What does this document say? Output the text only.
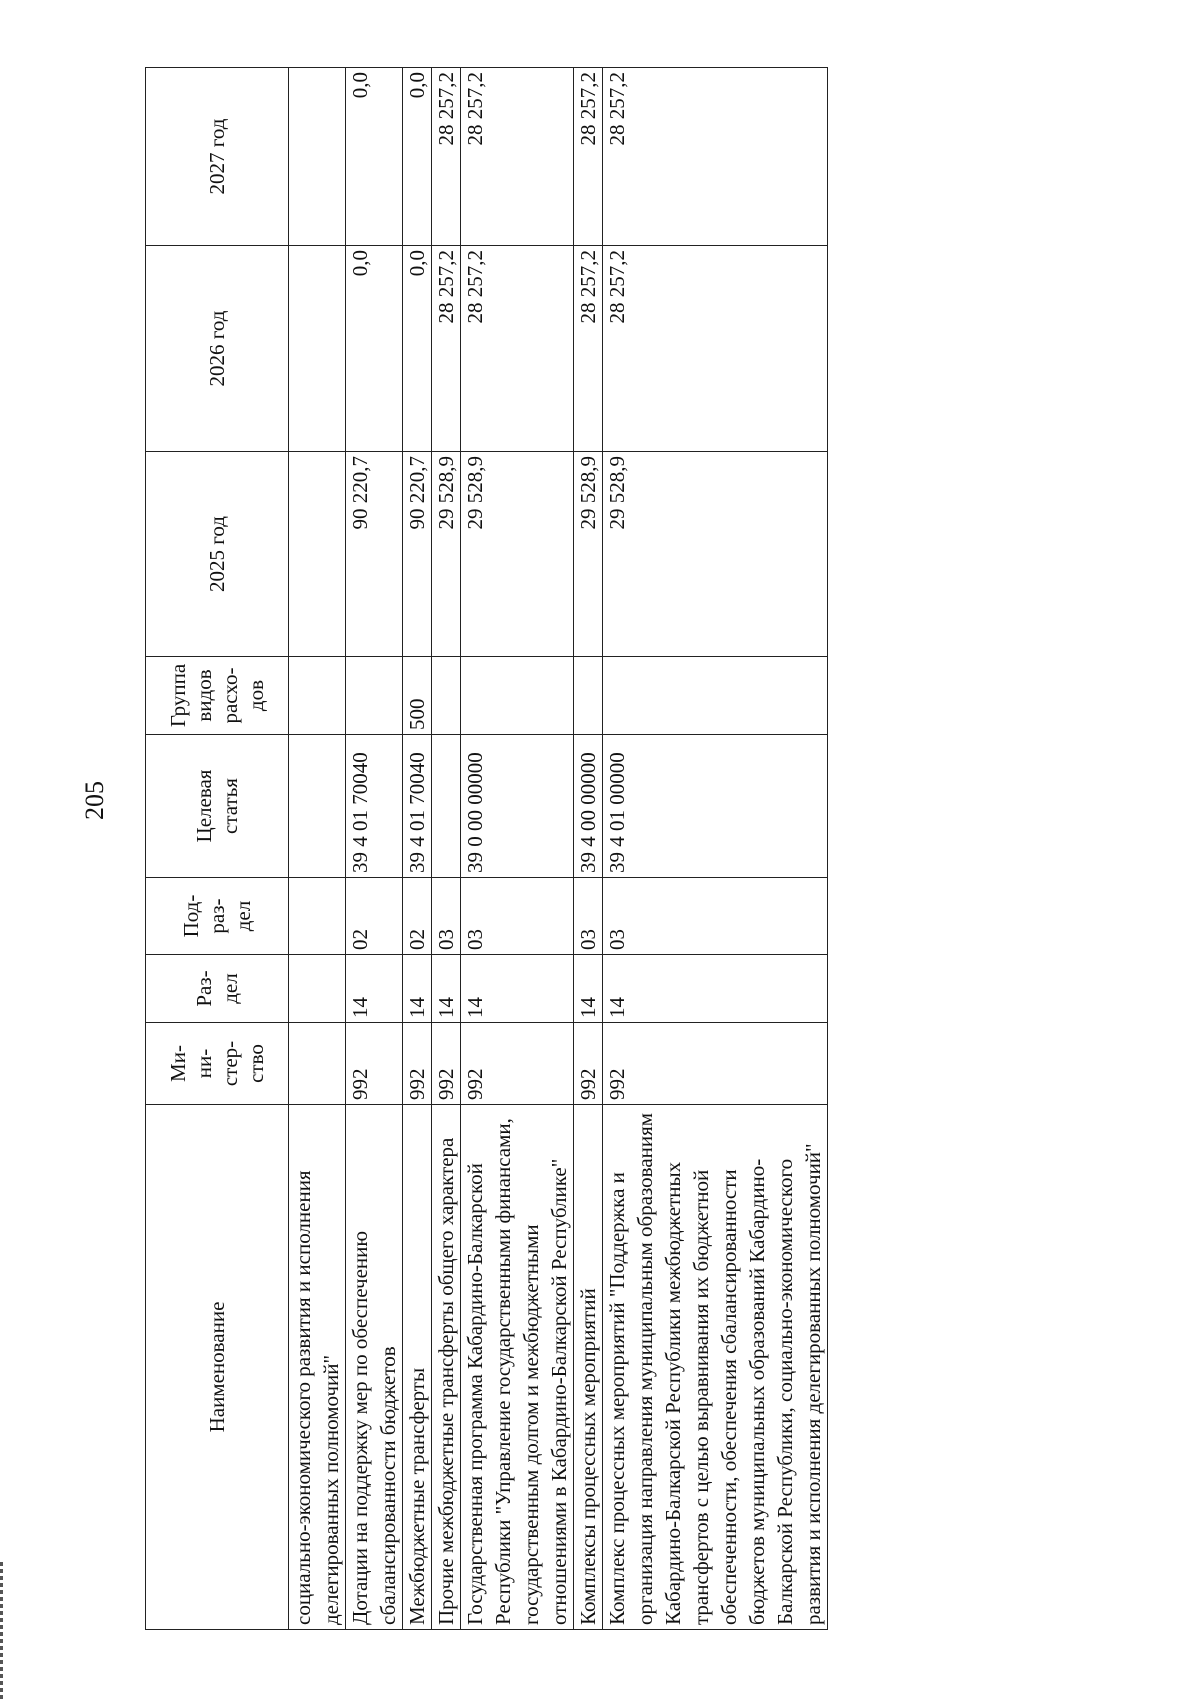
205
Наименование	Ми-
ни-
стер-
ство	Раз-
дел	Под-
раз-
дел	Целевая
статья	Группа
видов
расхо-
дов	2025 год	2026 год	2027 год
социально-экономического развития и исполнения делегированных полномочий"								
Дотации на поддержку мер по обеспечению сбалансированности бюджетов	992	14	02	39 4 01 70040		90 220,7	0,0	0,0
Межбюджетные трансферты	992	14	02	39 4 01 70040	500	90 220,7	0,0	0,0
Прочие межбюджетные трансферты общего характера	992	14	03			29 528,9	28 257,2	28 257,2
Государственная программа Кабардино-Балкарской Республики "Управление государственными финансами, государственным долгом и межбюджетными отношениями в Кабардино-Балкарской Республике"	992	14	03	39 0 00 00000		29 528,9	28 257,2	28 257,2
Комплексы процессных мероприятий	992	14	03	39 4 00 00000		29 528,9	28 257,2	28 257,2
Комплекс процессных мероприятий "Поддержка и организация направления муниципальным образованиям Кабардино-Балкарской Республики межбюджетных трансфертов с целью выравнивания их бюджетной обеспеченности, обеспечения сбалансированности бюджетов муниципальных образований Кабардино-Балкарской Республики, социально-экономического развития и исполнения делегированных полномочий"	992	14	03	39 4 01 00000		29 528,9	28 257,2	28 257,2
